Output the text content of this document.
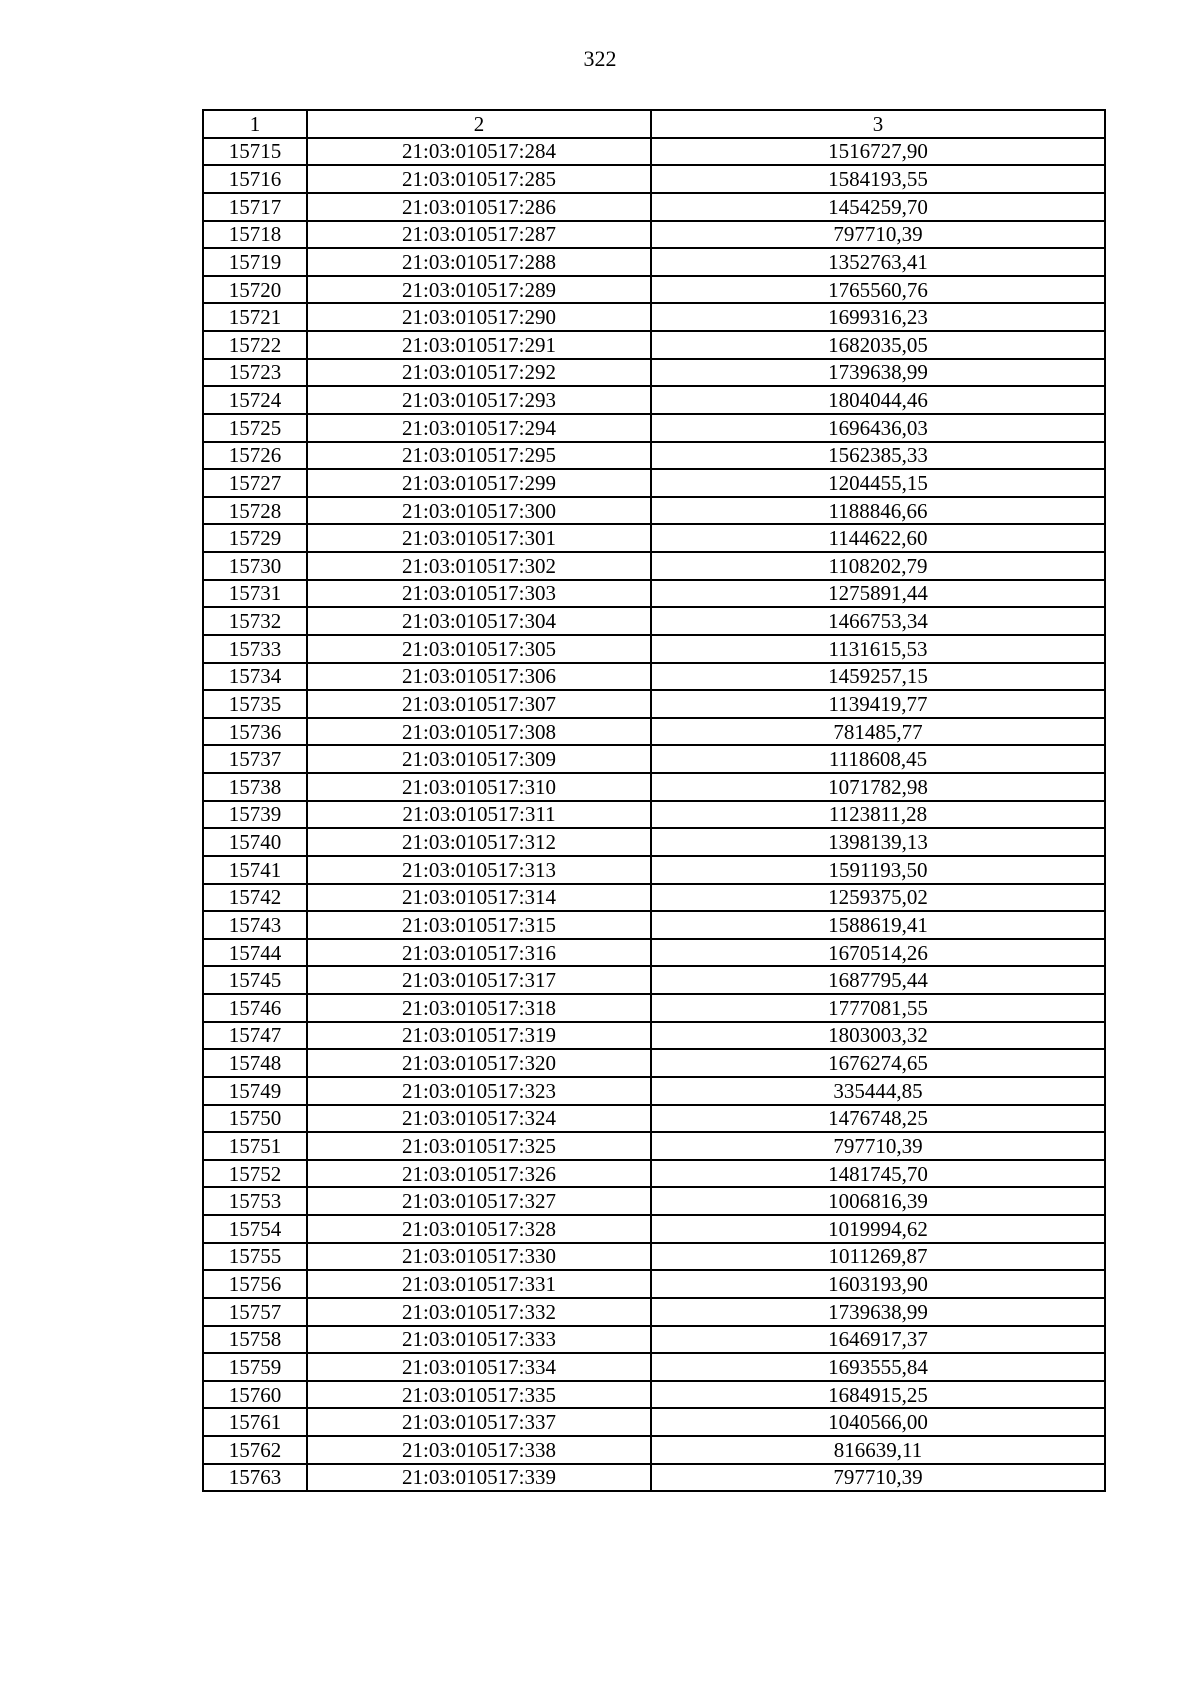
322
1	2	3
15715	21:03:010517:284	1516727,90
15716	21:03:010517:285	1584193,55
15717	21:03:010517:286	1454259,70
15718	21:03:010517:287	797710,39
15719	21:03:010517:288	1352763,41
15720	21:03:010517:289	1765560,76
15721	21:03:010517:290	1699316,23
15722	21:03:010517:291	1682035,05
15723	21:03:010517:292	1739638,99
15724	21:03:010517:293	1804044,46
15725	21:03:010517:294	1696436,03
15726	21:03:010517:295	1562385,33
15727	21:03:010517:299	1204455,15
15728	21:03:010517:300	1188846,66
15729	21:03:010517:301	1144622,60
15730	21:03:010517:302	1108202,79
15731	21:03:010517:303	1275891,44
15732	21:03:010517:304	1466753,34
15733	21:03:010517:305	1131615,53
15734	21:03:010517:306	1459257,15
15735	21:03:010517:307	1139419,77
15736	21:03:010517:308	781485,77
15737	21:03:010517:309	1118608,45
15738	21:03:010517:310	1071782,98
15739	21:03:010517:311	1123811,28
15740	21:03:010517:312	1398139,13
15741	21:03:010517:313	1591193,50
15742	21:03:010517:314	1259375,02
15743	21:03:010517:315	1588619,41
15744	21:03:010517:316	1670514,26
15745	21:03:010517:317	1687795,44
15746	21:03:010517:318	1777081,55
15747	21:03:010517:319	1803003,32
15748	21:03:010517:320	1676274,65
15749	21:03:010517:323	335444,85
15750	21:03:010517:324	1476748,25
15751	21:03:010517:325	797710,39
15752	21:03:010517:326	1481745,70
15753	21:03:010517:327	1006816,39
15754	21:03:010517:328	1019994,62
15755	21:03:010517:330	1011269,87
15756	21:03:010517:331	1603193,90
15757	21:03:010517:332	1739638,99
15758	21:03:010517:333	1646917,37
15759	21:03:010517:334	1693555,84
15760	21:03:010517:335	1684915,25
15761	21:03:010517:337	1040566,00
15762	21:03:010517:338	816639,11
15763	21:03:010517:339	797710,39
